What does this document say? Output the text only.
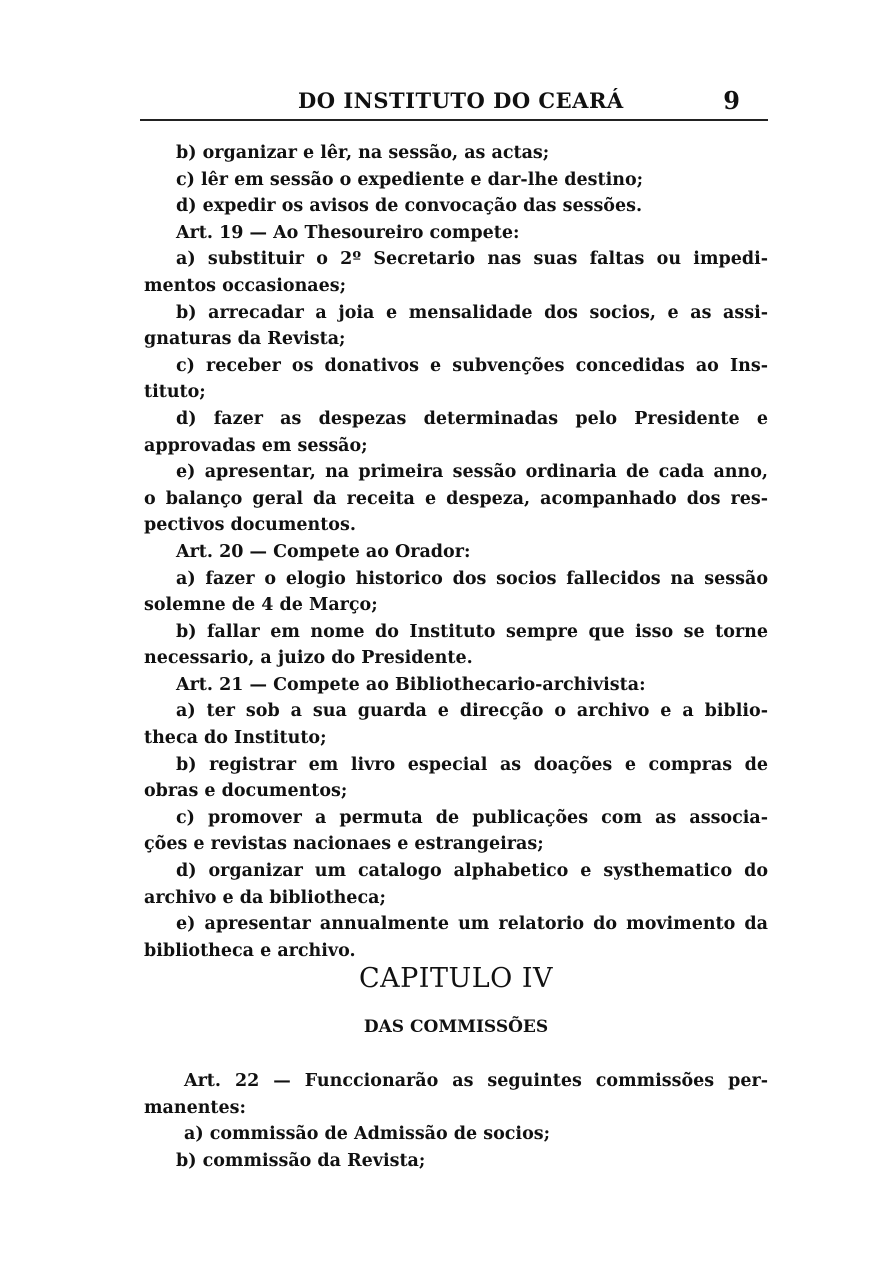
DO INSTITUTO DO CEARÁ	9
b) organizar e lêr, na sessão, as actas;
c) lêr em sessão o expediente e dar-lhe destino;
d) expedir os avisos de convocação das sessões.
Art. 19 — Ao Thesoureiro compete:
a) substituir o 2º Secretario nas suas faltas ou impedi-
mentos occasionaes;
b) arrecadar a joia e mensalidade dos socios, e as assi-
gnaturas da Revista;
c) receber os donativos e subvenções concedidas ao Ins-
tituto;
d) fazer as despezas determinadas pelo Presidente e
approvadas em sessão;
e) apresentar, na primeira sessão ordinaria de cada anno,
o balanço geral da receita e despeza, acompanhado dos res-
pectivos documentos.
Art. 20 — Compete ao Orador:
a) fazer o elogio historico dos socios fallecidos na sessão
solemne de 4 de Março;
b) fallar em nome do Instituto sempre que isso se torne
necessario, a juizo do Presidente.
Art. 21 — Compete ao Bibliothecario-archivista:
a) ter sob a sua guarda e direcção o archivo e a biblio-
theca do Instituto;
b) registrar em livro especial as doações e compras de
obras e documentos;
c) promover a permuta de publicações com as associa-
ções e revistas nacionaes e estrangeiras;
d) organizar um catalogo alphabetico e systhematico do
archivo e da bibliotheca;
e) apresentar annualmente um relatorio do movimento da
bibliotheca e archivo.
CAPITULO IV
DAS COMMISSÕES
Art. 22 — Funccionarão as seguintes commissões per-
manentes:
a) commissão de Admissão de socios;
b) commissão da Revista;
